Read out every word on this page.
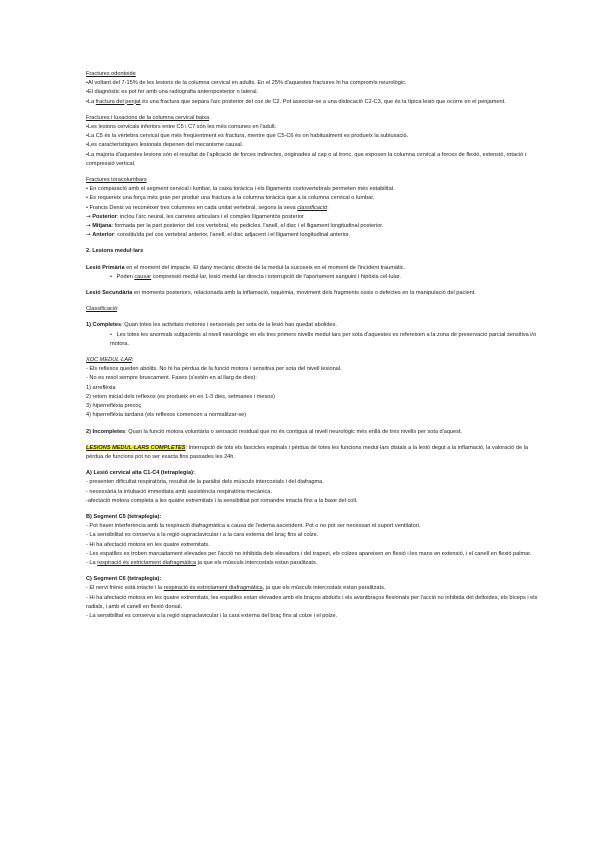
Fractures odontoide

•Al voltant del 7-15% de les lesions de la columna cervical en adults. En el 25% d'aquestes fractures hi ha compromís neurològic.

•El diagnòstic es pot fer amb una radiografia anteroposterior o lateral.

•La fractura del penjat és una fractura que separa l'arc posterior del cos de C2. Pot associar-se a una dislocació C2-C3, que és la típica lesió que ocorre en el penjament.

Fractures i luxacions de la columna cervical baixa

•Les lesions cervicals inferiors entre C5 i C7 són les més comunes en l'adult.

•La C5 és la vèrtebra cervical que més freqüentment es fractura, mentre que C5-C6 és on habitualment es produeix la subluxació.

•Les característiques lesionals depenen del mecanisme causal.

•La majoria d'aquestes lesions són el resultat de l'aplicació de forces indirectes, originades al cap o al tronc, que exposen la columna cervical a forces de flexió, extensió, rotació i compressió vertical.

Fractures toracolumbars

• En comparació amb el segment cervical i lumbar, la caixa toràcica i els lligaments costovertebrals permeten més estabilitat.

• Es requereix una força més gran per produir una fractura a la columna toràcica que a la columna cervical o lumbar.

• Francis Denis va reconèixer tres columnes en cada unitat vertebral, segons la seva classificació:

→ Posterior: inclou l'arc neural, les carretes articulars i el complex lligamentós posterior

→ Mitjana: formada per la part posterior del cos vertebral, els pedicles, l'anell, el disc i el lligament longitudinal posterior.

→ Anterior: constituïda pel cos vertebral anterior, l'anell, el disc adjacent i el lligament longitudinal anterior.

2. Lesions medul·lars

Lesió Primària en el moment del impacte. El dany mecànic directe de la medul·la succeeix en el moment de l'incident traumàtic.

• Poden causar compressió medul·lar, lesió medul·lar directa i interrupció de l'aportament sanguini i hipòxia cel·lular.

Lesió Secundària en moments posteriors, relacionada amb la inflamació, isquèmia, moviment dels fragments ossis o defectes en la manipulació del pacient.

Classificació:

1) Completes: Quan totes les activitats motores i sensorials per sota de la lesió han quedat abolides.

• Les totes les anormals subjacents al nivell neurològic en els tres primers nivells medul·lars per sota d'aquestes es refereixen a la zona de preservació parcial sensitiva i/o motora.

XOC MEDUL·LAR:

- Els reflexos queden abolits. No hi ha pèrdua de la funció motora i sensitiva per sota del nivell lesional.

- No es resol sempre bruscament. Fases (s'estén en al llarg de dies):

1) arreflèxia

2) retorn inicial dels reflexos (es produeix en en 1-3 dies, setmanes i mesos)

3) hiperreflèxia precoç

4) hiperreflèxia tardana (els reflexos comencen a normalitzar-se)

2) Incompletes: Quan la funció motora voluntària o sensació residual que no és contigua al nivell neurològic més enllà de tres nivells per sota d'aquest.

LESIONS MEDUL·LARS COMPLETES: Interrupció de tots els fascicles espinals i pèrdua de totes les funcions medul·lars distals a la lesió degut a la inflamació, la valoració de la pèrdua de funcions pot no ser exacta fins passades les 24h.

A) Lesió cervical alta C1-C4 (tetraplegia):

- presenten dificultat respiratòria, resultat de la paràlisi dels músculs intercostals i del diafragma.

- necessària la intubació immediata amb assistència respiratòria mecànica.

-afectació motora completa a les quatre extremitats i la sensibilitat pot romandre intacta fins a la base del coll.

B) Segment C5 (tetraplegia):

- Pot haver interferència amb la respiració diafragmàtica a causa de l'edema ascendent. Pot o no pot ser necessari el suport ventilatori.

- La sensibilitat es conserva a la regió supraclavicular i a la cara externa del braç fins al colze.

- Hi ha afectació motora en les quatre extremitats.

- Les espatlles es troben marcadament elevades per l'acció no inhibida dels elevadors i del trapezi, els colzes apareixen en flexió i les mans en extensió, i el canell en flexió palmar.

- La respiració és estrictament diafragmàtica ja que els músculs intercostals estan paralitzats.

C) Segment C6 (tetraplegia):

- El nervi frènic està intacte i la respiració és estrictament diafragmàtica, ja que els músculs intercostals estan paralitzats.

- Hi ha afectació motora en les quatre extremitats, les espatlles estan elevades amb els braços abduïts i els avantbraços flexionats per l'acció no inhibida del deltoides, els bíceps i els radials, i amb el canell en flexió dorsal.

- La sensibilitat es conserva a la regió supraclavicular i la cara externa del braç fins al colze i el polze.
